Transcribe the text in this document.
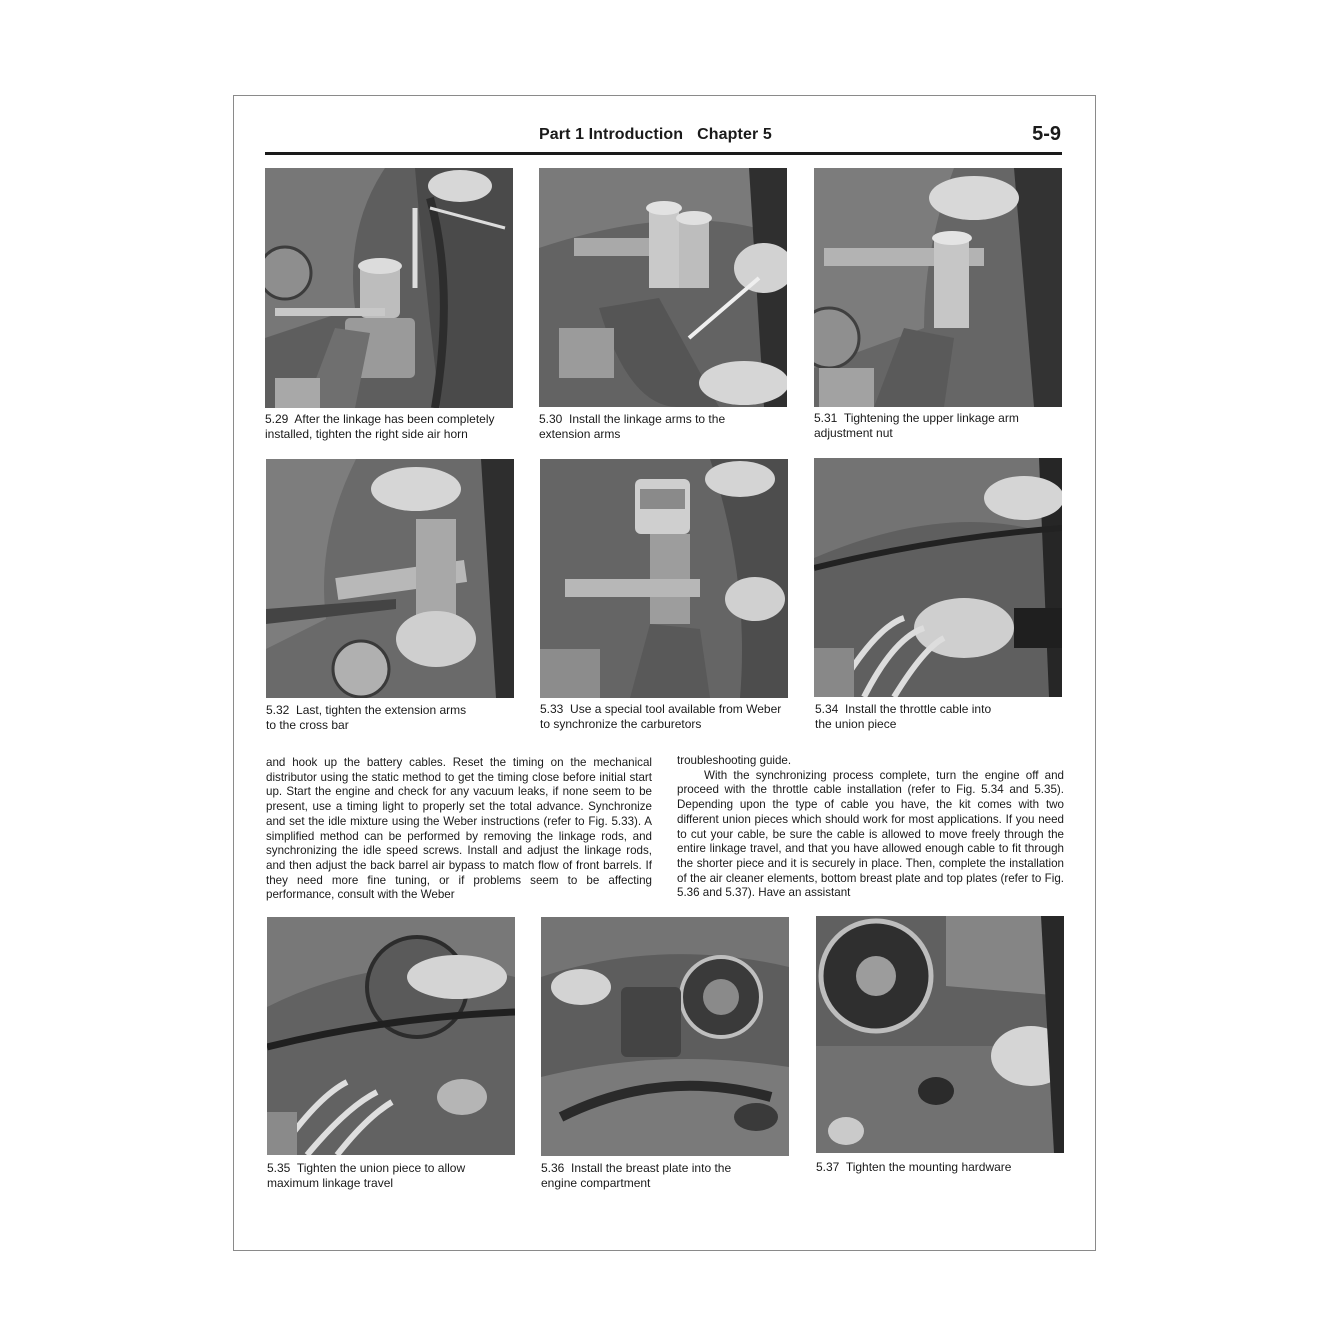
Part 1 Introduction Chapter 5	5-9
5.29 After the linkage has been completely
installed, tighten the right side air horn
5.30 Install the linkage arms to the
extension arms
5.31 Tightening the upper linkage arm
adjustment nut
5.32 Last, tighten the extension arms
to the cross bar
5.33 Use a special tool available from Weber
to synchronize the carburetors
5.34 Install the throttle cable into
the union piece

and hook up the battery cables. Reset the timing on the mechanical distributor using the static method to get the timing close before initial start up. Start the engine and check for any vacuum leaks, if none seem to be present, use a timing light to properly set the total advance. Synchronize and set the idle mixture using the Weber instructions (refer to Fig. 5.33). A simplified method can be performed by removing the linkage rods, and synchronizing the idle speed screws. Install and adjust the linkage rods, and then adjust the back barrel air bypass to match flow of front barrels. If they need more fine tuning, or if problems seem to be affecting performance, consult with the Weber

troubleshooting guide.

With the synchronizing process complete, turn the engine off and proceed with the throttle cable installation (refer to Fig. 5.34 and 5.35). Depending upon the type of cable you have, the kit comes with two different union pieces which should work for most applications. If you need to cut your cable, be sure the cable is allowed to move freely through the entire linkage travel, and that you have allowed enough cable to fit through the shorter piece and it is securely in place. Then, complete the installation of the air cleaner elements, bottom breast plate and top plates (refer to Fig. 5.36 and 5.37). Have an assistant

5.35 Tighten the union piece to allow
maximum linkage travel
5.36 Install the breast plate into the
engine compartment
5.37 Tighten the mounting hardware
